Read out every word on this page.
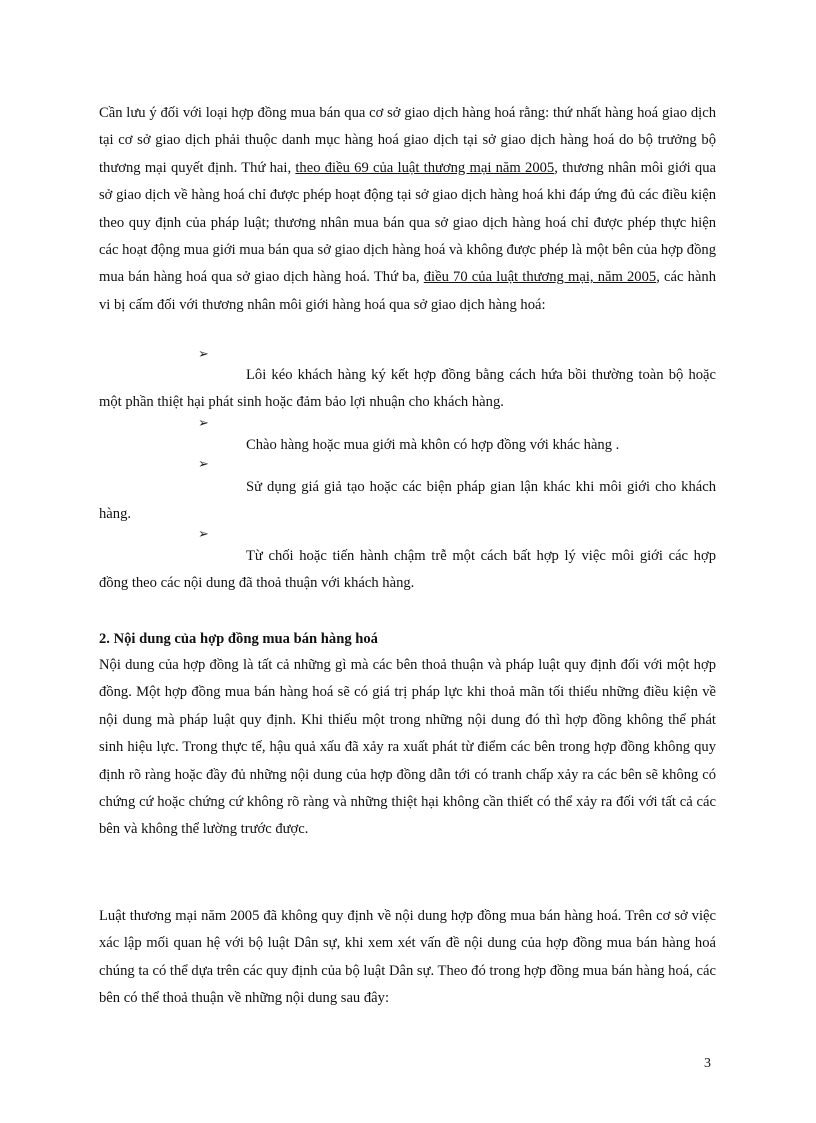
Cần lưu ý đối với loại hợp đồng mua bán qua cơ sở giao dịch hàng hoá rằng: thứ nhất hàng hoá giao dịch tại cơ sở giao dịch phải thuộc danh mục hàng hoá giao dịch tại sở giao dịch hàng hoá do bộ trưởng bộ thương mại quyết định. Thứ hai, theo điều 69 của luật thương mại năm 2005, thương nhân môi giới qua sở giao dịch về hàng hoá chỉ được phép hoạt động tại sở giao dịch hàng hoá khi đáp ứng đủ các điều kiện theo quy định của pháp luật; thương nhân mua bán qua sở giao dịch hàng hoá chỉ được phép thực hiện các hoạt động mua giới mua bán qua sở giao dịch hàng hoá và không được phép là một bên của hợp đồng mua bán hàng hoá qua sở giao dịch hàng hoá. Thứ ba, điều 70 của luật thương mại, năm 2005, các hành vi bị cấm đối với thương nhân môi giới hàng hoá qua sở giao dịch hàng hoá:

➢

Lôi kéo khách hàng ký kết hợp đồng bằng cách hứa bồi thường toàn bộ hoặc một phần thiệt hại phát sinh hoặc đảm bảo lợi nhuận cho khách hàng.

➢

Chào hàng hoặc mua giới mà khôn có hợp đồng với khác hàng .

➢

Sử dụng giá giả tạo hoặc các biện pháp gian lận khác khi môi giới cho khách hàng.

➢

Từ chối hoặc tiến hành chậm trễ một cách bất hợp lý việc môi giới các hợp đồng theo các nội dung đã thoả thuận với khách hàng.

2. Nội dung của hợp đồng mua bán hàng hoá

Nội dung của hợp đồng là tất cả những gì mà các bên thoả thuận và pháp luật quy định đối với một hợp đồng. Một hợp đồng mua bán hàng hoá sẽ có giá trị pháp lực khi thoả mãn tối thiểu những điều kiện về nội dung mà pháp luật quy định. Khi thiếu một trong những nội dung đó thì hợp đồng không thể phát sinh hiệu lực. Trong thực tế, hậu quả xấu đã xảy ra xuất phát từ điểm các bên trong hợp đồng không quy định rõ ràng hoặc đầy đủ những nội dung của hợp đồng dẫn tới có tranh chấp xảy ra các bên sẽ không có chứng cứ hoặc chứng cứ không rõ ràng và những thiệt hại không cần thiết có thể xảy ra đối với tất cả các bên và không thể lường trước được.

Luật thương mại năm 2005 đã không quy định về nội dung hợp đồng mua bán hàng hoá. Trên cơ sở việc xác lập mối quan hệ với bộ luật Dân sự, khi xem xét vấn đề nội dung của hợp đồng mua bán hàng hoá chúng ta có thể dựa trên các quy định của bộ luật Dân sự. Theo đó trong hợp đồng mua bán hàng hoá, các bên có thể thoả thuận về những nội dung sau đây:

3
